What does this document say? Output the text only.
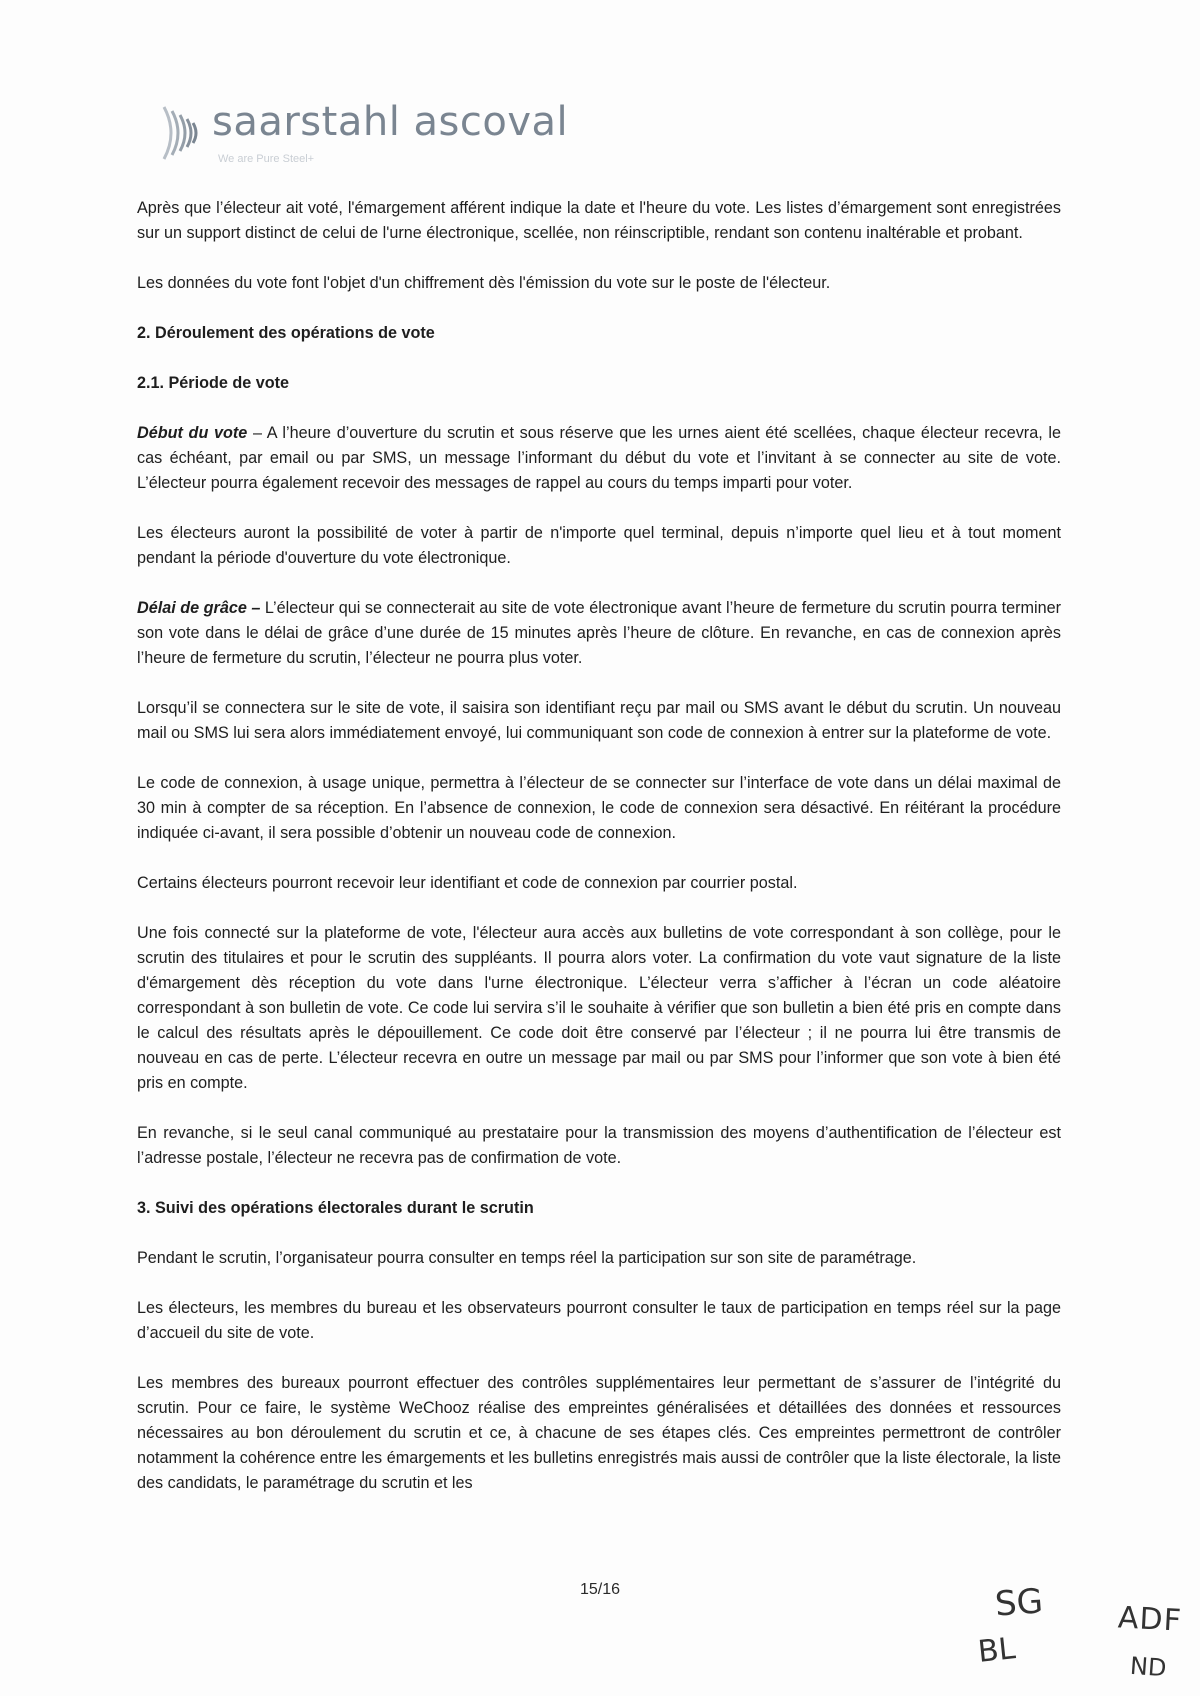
saarstahl ascoval
We are Pure Steel+

Après que l’électeur ait voté, l'émargement afférent indique la date et l'heure du vote. Les listes d’émargement sont enregistrées sur un support distinct de celui de l'urne électronique, scellée, non réinscriptible, rendant son contenu inaltérable et probant.

Les données du vote font l'objet d'un chiffrement dès l'émission du vote sur le poste de l'électeur.

2. Déroulement des opérations de vote
2.1. Période de vote

Début du vote – A l’heure d’ouverture du scrutin et sous réserve que les urnes aient été scellées, chaque électeur recevra, le cas échéant, par email ou par SMS, un message l’informant du début du vote et l’invitant à se connecter au site de vote. L’électeur pourra également recevoir des messages de rappel au cours du temps imparti pour voter.

Les électeurs auront la possibilité de voter à partir de n'importe quel terminal, depuis n’importe quel lieu et à tout moment pendant la période d'ouverture du vote électronique.

Délai de grâce – L’électeur qui se connecterait au site de vote électronique avant l’heure de fermeture du scrutin pourra terminer son vote dans le délai de grâce d’une durée de 15 minutes après l’heure de clôture. En revanche, en cas de connexion après l’heure de fermeture du scrutin, l’électeur ne pourra plus voter.

Lorsqu’il se connectera sur le site de vote, il saisira son identifiant reçu par mail ou SMS avant le début du scrutin. Un nouveau mail ou SMS lui sera alors immédiatement envoyé, lui communiquant son code de connexion à entrer sur la plateforme de vote.

Le code de connexion, à usage unique, permettra à l’électeur de se connecter sur l’interface de vote dans un délai maximal de 30 min à compter de sa réception. En l’absence de connexion, le code de connexion sera désactivé. En réitérant la procédure indiquée ci-avant, il sera possible d’obtenir un nouveau code de connexion.

Certains électeurs pourront recevoir leur identifiant et code de connexion par courrier postal.

Une fois connecté sur la plateforme de vote, l'électeur aura accès aux bulletins de vote correspondant à son collège, pour le scrutin des titulaires et pour le scrutin des suppléants. Il pourra alors voter. La confirmation du vote vaut signature de la liste d'émargement dès réception du vote dans l'urne électronique. L’électeur verra s’afficher à l’écran un code aléatoire correspondant à son bulletin de vote. Ce code lui servira s’il le souhaite à vérifier que son bulletin a bien été pris en compte dans le calcul des résultats après le dépouillement. Ce code doit être conservé par l’électeur ; il ne pourra lui être transmis de nouveau en cas de perte. L’électeur recevra en outre un message par mail ou par SMS pour l’informer que son vote à bien été pris en compte.

En revanche, si le seul canal communiqué au prestataire pour la transmission des moyens d’authentification de l’électeur est l’adresse postale, l’électeur ne recevra pas de confirmation de vote.

3. Suivi des opérations électorales durant le scrutin

Pendant le scrutin, l’organisateur pourra consulter en temps réel la participation sur son site de paramétrage.

Les électeurs, les membres du bureau et les observateurs pourront consulter le taux de participation en temps réel sur la page d’accueil du site de vote.

Les membres des bureaux pourront effectuer des contrôles supplémentaires leur permettant de s’assurer de l’intégrité du scrutin. Pour ce faire, le système WeChooz réalise des empreintes généralisées et détaillées des données et ressources nécessaires au bon déroulement du scrutin et ce, à chacune de ses étapes clés. Ces empreintes permettront de contrôler notamment la cohérence entre les émargements et les bulletins enregistrés mais aussi de contrôler que la liste électorale, la liste des candidats, le paramétrage du scrutin et les

15/16	SG
BL
ADF
ND
